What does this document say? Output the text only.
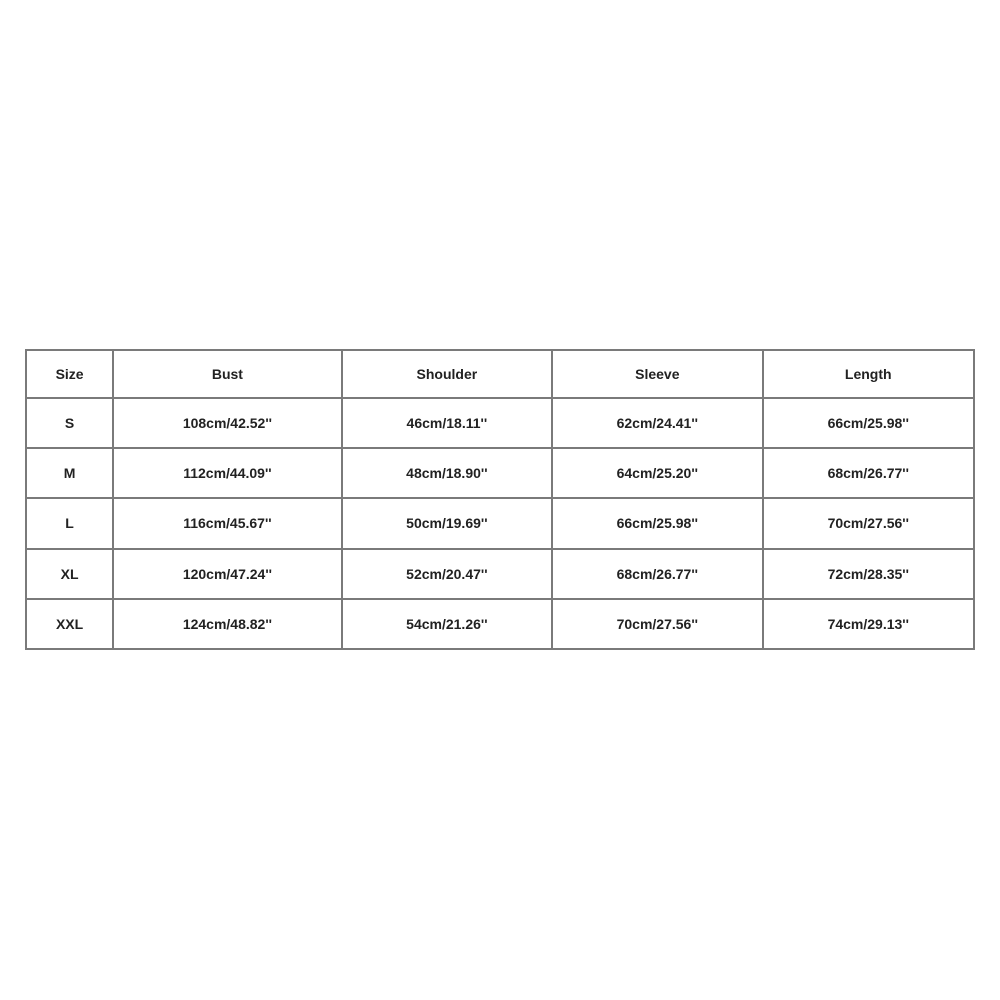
Size	Bust	Shoulder	Sleeve	Length
S	108cm/42.52''	46cm/18.11''	62cm/24.41''	66cm/25.98''
M	112cm/44.09''	48cm/18.90''	64cm/25.20''	68cm/26.77''
L	116cm/45.67''	50cm/19.69''	66cm/25.98''	70cm/27.56''
XL	120cm/47.24''	52cm/20.47''	68cm/26.77''	72cm/28.35''
XXL	124cm/48.82''	54cm/21.26''	70cm/27.56''	74cm/29.13''
